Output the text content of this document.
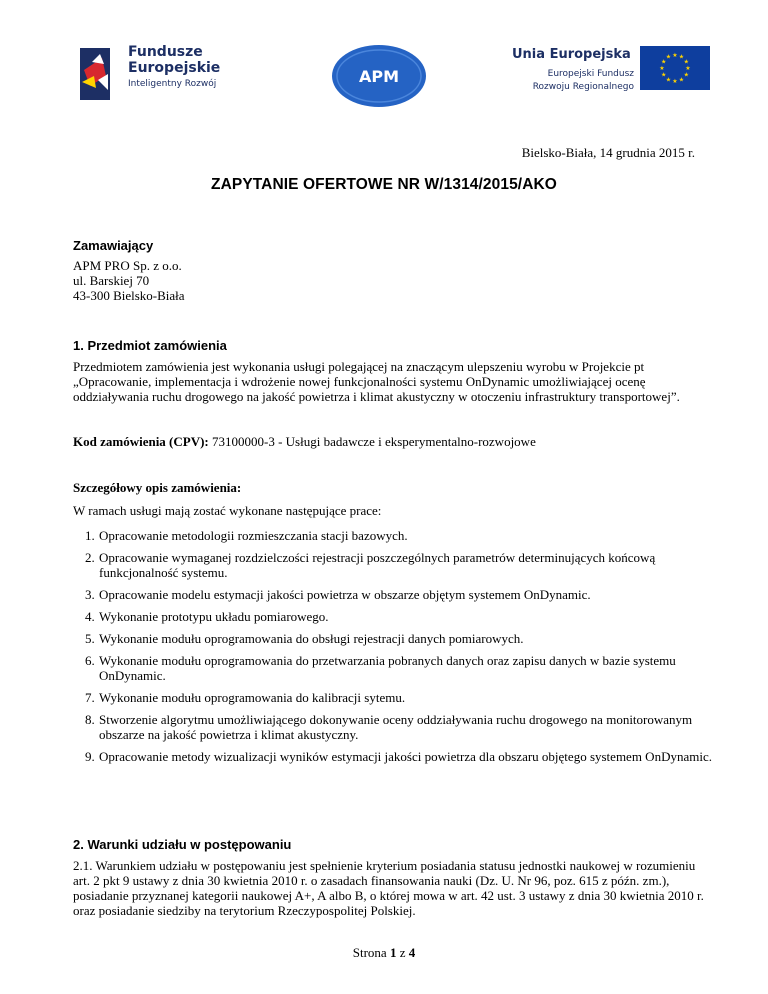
Fundusze
Europejskie
Inteligentny Rozwój	APM
Unia Europejska
Europejski Fundusz
Rozwoju Regionalnego
★ ★
★
★
★
★
★
★
★
★
★
★
Bielsko-Biała, 14 grudnia 2015 r.
ZAPYTANIE OFERTOWE NR W/1314/2015/AKO
Zamawiający
APM PRO Sp. z o.o.
ul. Barskiej 70
43-300 Bielsko-Biała
1. Przedmiot zamówienia
Przedmiotem zamówienia jest wykonania usługi polegającej na znaczącym ulepszeniu wyrobu w Projekcie pt „Opracowanie, implementacja i wdrożenie nowej funkcjonalności systemu OnDynamic umożliwiającej ocenę oddziaływania ruchu drogowego na jakość powietrza i klimat akustyczny w otoczeniu infrastruktury transportowej”.
Kod zamówienia (CPV): 73100000-3 - Usługi badawcze i eksperymentalno-rozwojowe
Szczegółowy opis zamówienia:
W ramach usługi mają zostać wykonane następujące prace:
1. Opracowanie metodologii rozmieszczania stacji bazowych.
2. Opracowanie wymaganej rozdzielczości rejestracji poszczególnych parametrów determinujących końcową funkcjonalność systemu.
3. Opracowanie modelu estymacji jakości powietrza w obszarze objętym systemem OnDynamic.
4. Wykonanie prototypu układu pomiarowego.
5. Wykonanie modułu oprogramowania do obsługi rejestracji danych pomiarowych.
6. Wykonanie modułu oprogramowania do przetwarzania pobranych danych oraz zapisu danych w bazie systemu OnDynamic.
7. Wykonanie modułu oprogramowania do kalibracji sytemu.
8. Stworzenie algorytmu umożliwiającego dokonywanie oceny oddziaływania ruchu drogowego na monitorowanym obszarze na jakość powietrza i klimat akustyczny.
9. Opracowanie metody wizualizacji wyników estymacji jakości powietrza dla obszaru objętego systemem OnDynamic.
2. Warunki udziału w postępowaniu
2.1. Warunkiem udziału w postępowaniu jest spełnienie kryterium posiadania statusu jednostki naukowej w rozumieniu art. 2 pkt 9 ustawy z dnia 30 kwietnia 2010 r. o zasadach finansowania nauki (Dz. U. Nr 96, poz. 615 z późn. zm.), posiadanie przyznanej kategorii naukowej A+, A albo B, o której mowa w art. 42 ust. 3 ustawy z dnia 30 kwietnia 2010 r. oraz posiadanie siedziby na terytorium Rzeczypospolitej Polskiej.
Strona 1 z 4
